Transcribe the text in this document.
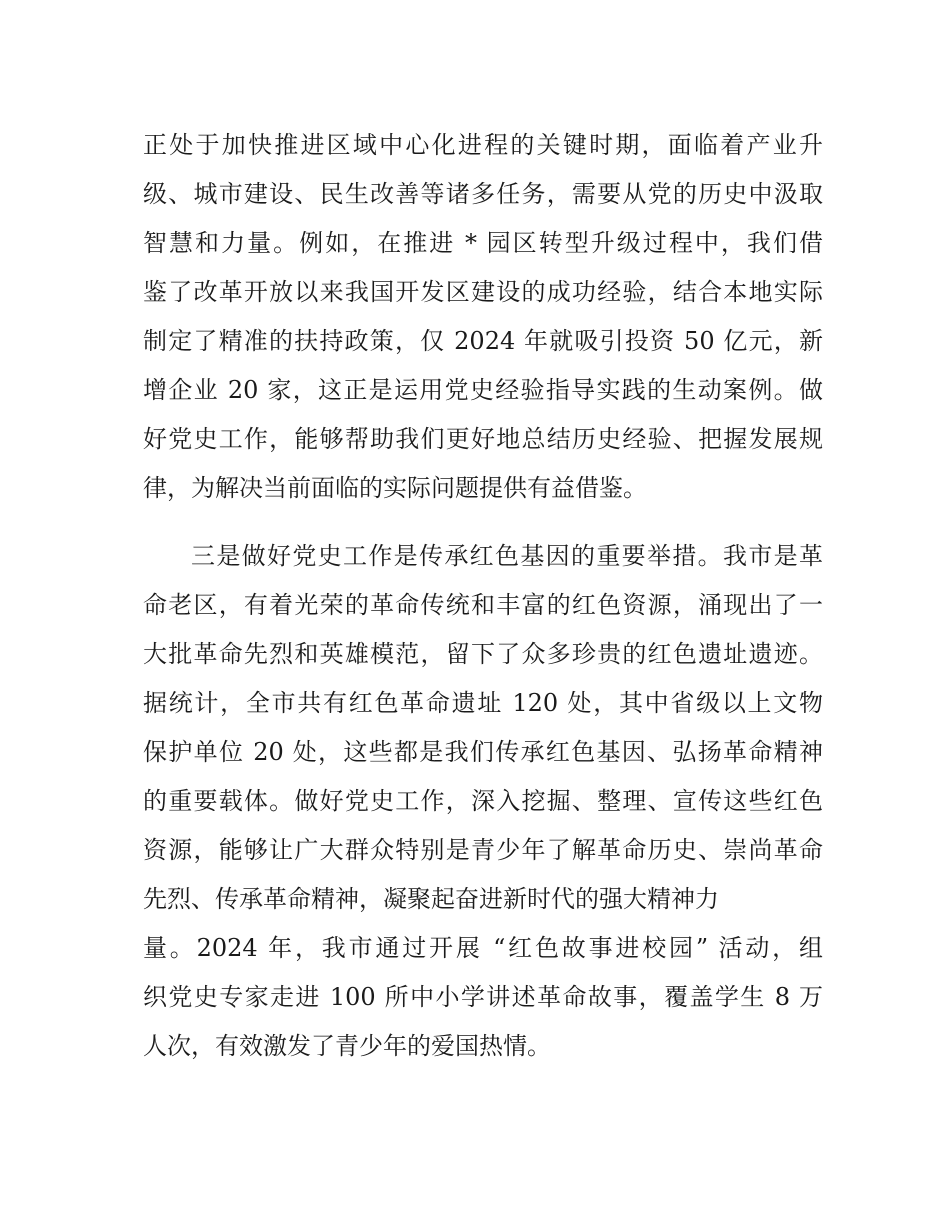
正处于加快推进区域中心化进程的关键时期，面临着产业升
级、城市建设、民生改善等诸多任务，需要从党的历史中汲取
智慧和力量。例如，在推进 * 园区转型升级过程中，我们借
鉴了改革开放以来我国开发区建设的成功经验，结合本地实际
制定了精准的扶持政策，仅 2024 年就吸引投资 50 亿元，新
增企业 20 家，这正是运用党史经验指导实践的生动案例。做
好党史工作，能够帮助我们更好地总结历史经验、把握发展规
律，为解决当前面临的实际问题提供有益借鉴。
三是做好党史工作是传承红色基因的重要举措。我市是革
命老区，有着光荣的革命传统和丰富的红色资源，涌现出了一
大批革命先烈和英雄模范，留下了众多珍贵的红色遗址遗迹。
据统计，全市共有红色革命遗址 120 处，其中省级以上文物
保护单位 20 处，这些都是我们传承红色基因、弘扬革命精神
的重要载体。做好党史工作，深入挖掘、整理、宣传这些红色
资源，能够让广大群众特别是青少年了解革命历史、崇尚革命
先烈、传承革命精神，凝聚起奋进新时代的强大精神力
量。2024 年，我市通过开展 “红色故事进校园” 活动，组
织党史专家走进 100 所中小学讲述革命故事，覆盖学生 8 万
人次，有效激发了青少年的爱国热情。
